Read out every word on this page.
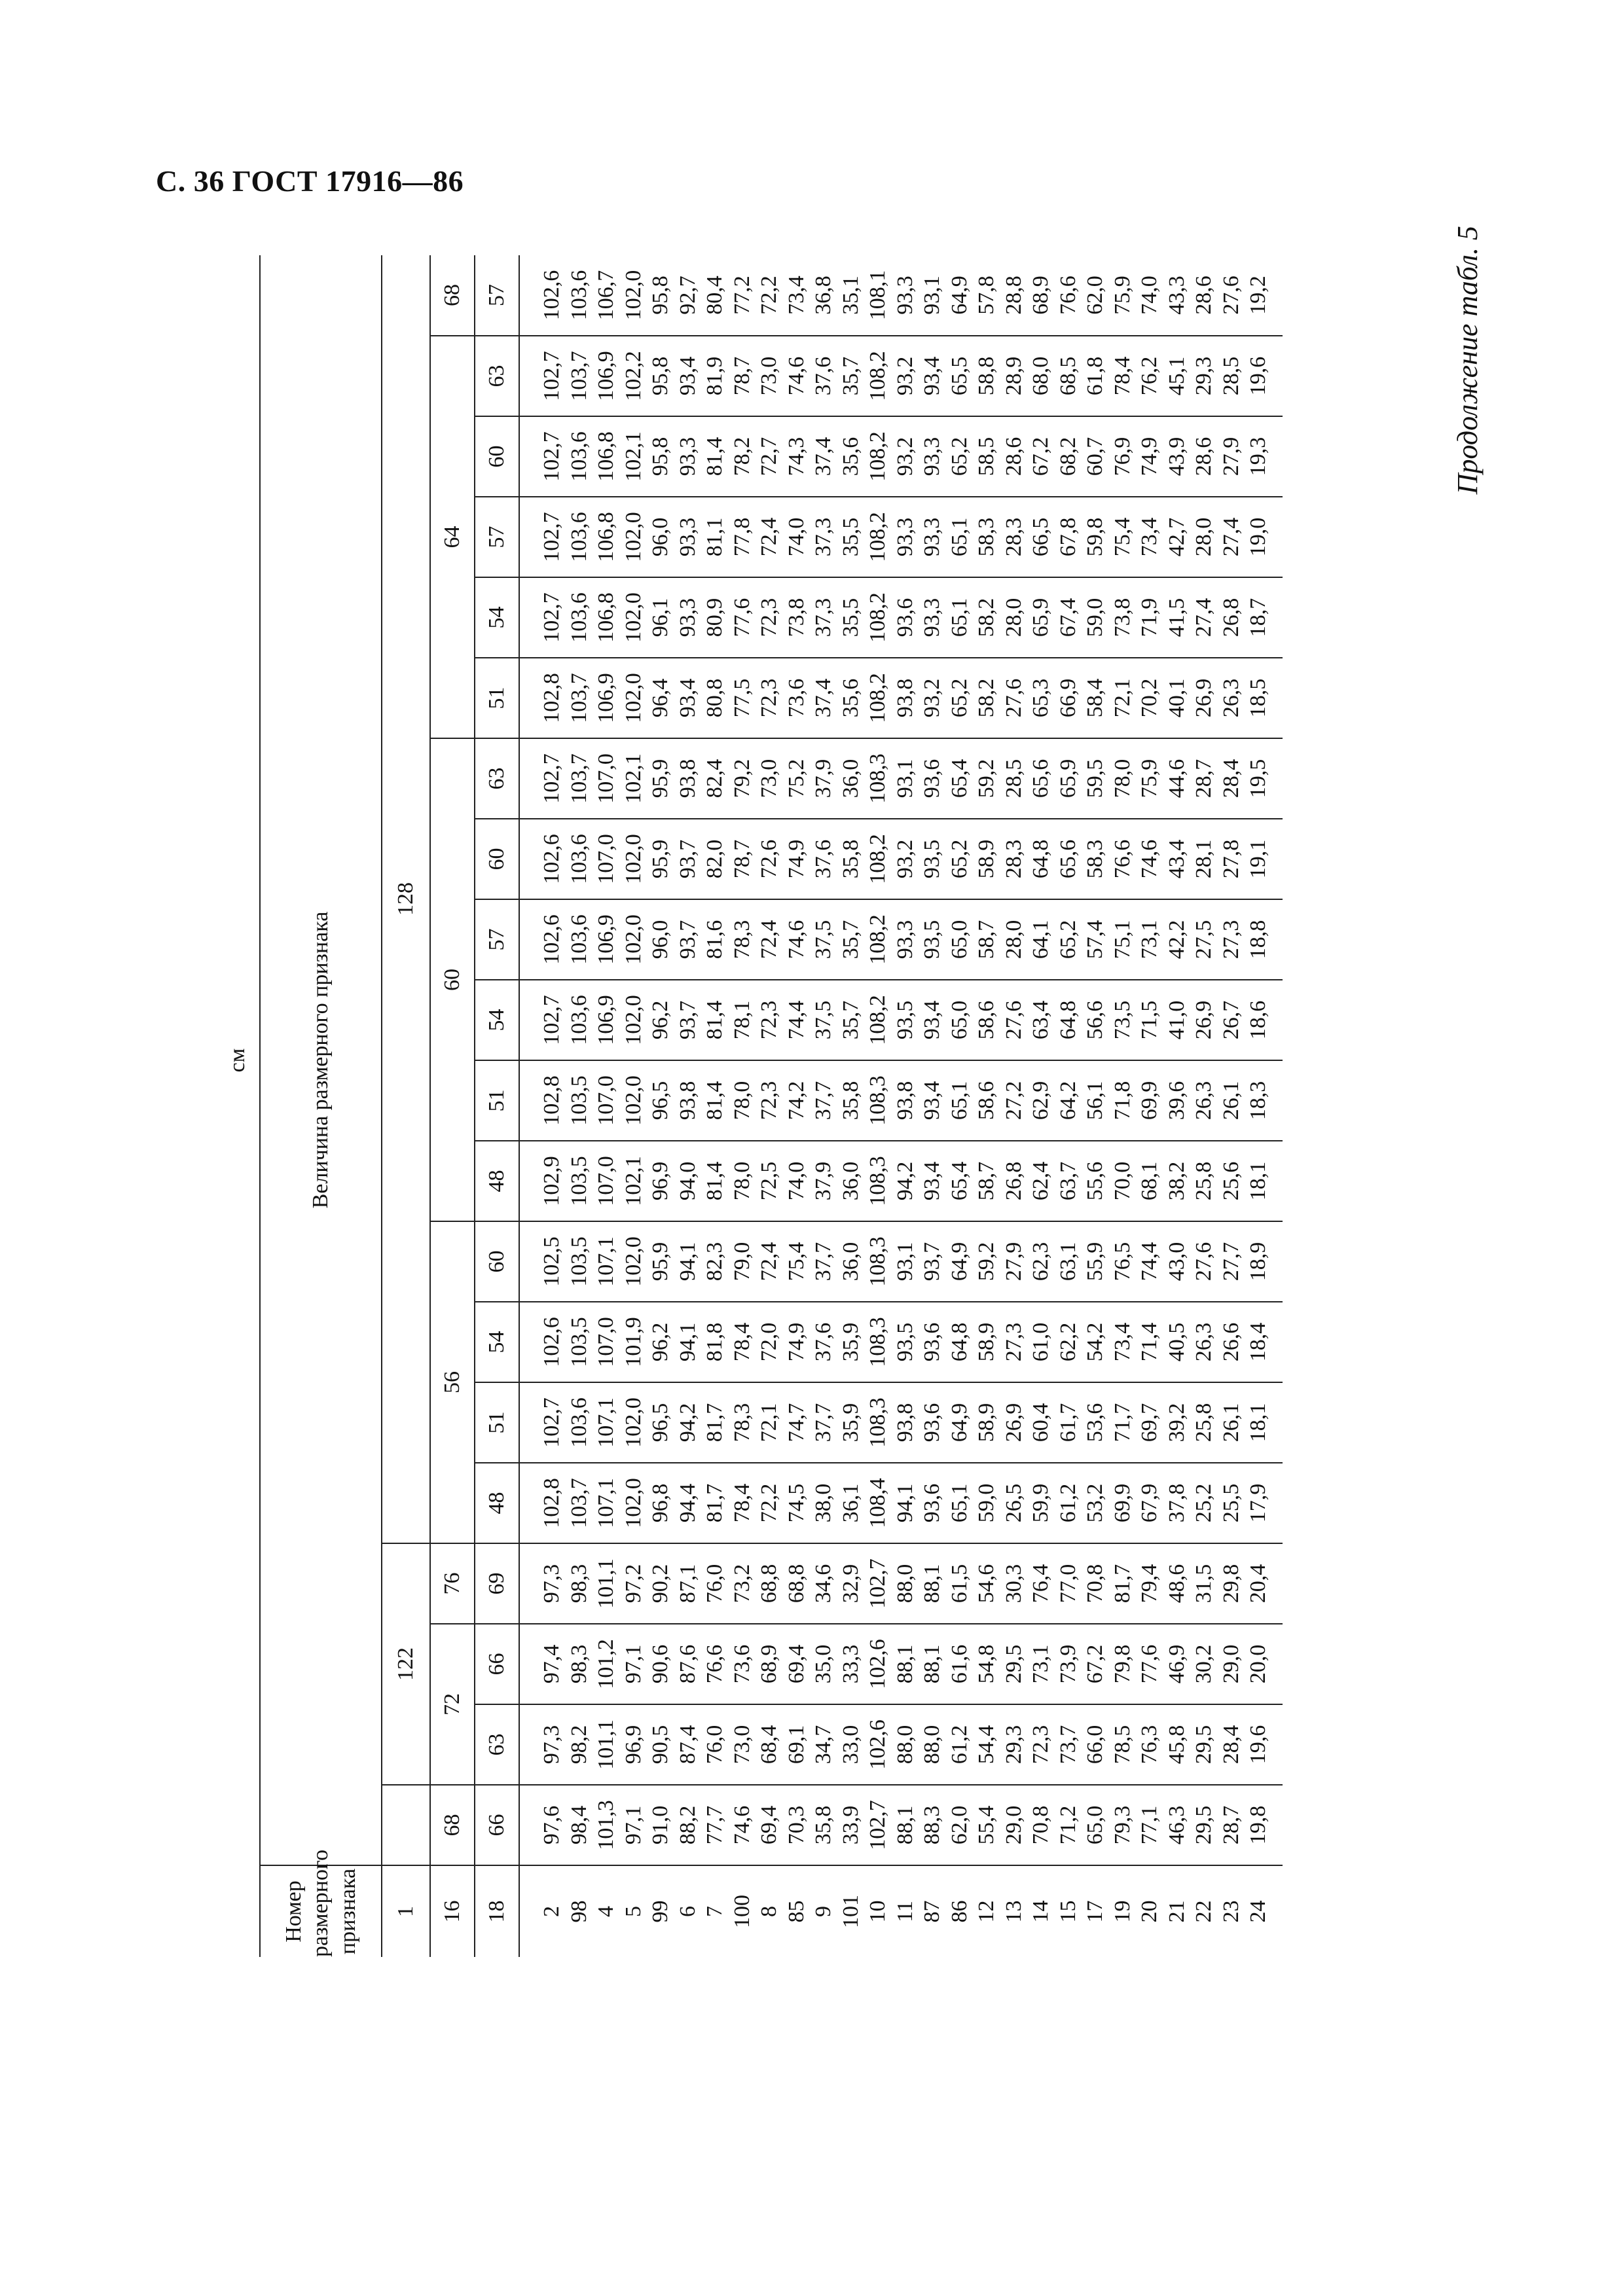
С. 36 ГОСТ 17916—86
Продолжение табл. 5
	см																			
Номер размерного признака	Величина размерного признака																			
1		122			128															
16	68	72		76	56				60						64					68
18	66	63	66	69	48	51	54	60	48	51	54	57	60	63	51	54	57	60	63	57

2	97,6	97,3	97,4	97,3	102,8	102,7	102,6	102,5	102,9	102,8	102,7	102,6	102,6	102,7	102,8	102,7	102,7	102,7	102,7	102,6
98	98,4	98,2	98,3	98,3	103,7	103,6	103,5	103,5	103,5	103,5	103,6	103,6	103,6	103,7	103,7	103,6	103,6	103,6	103,7	103,6
4	101,3	101,1	101,2	101,1	107,1	107,1	107,0	107,1	107,0	107,0	106,9	106,9	107,0	107,0	106,9	106,8	106,8	106,8	106,9	106,7
5	97,1	96,9	97,1	97,2	102,0	102,0	101,9	102,0	102,1	102,0	102,0	102,0	102,0	102,1	102,0	102,0	102,0	102,1	102,2	102,0
99	91,0	90,5	90,6	90,2	96,8	96,5	96,2	95,9	96,9	96,5	96,2	96,0	95,9	95,9	96,4	96,1	96,0	95,8	95,8	95,8
6	88,2	87,4	87,6	87,1	94,4	94,2	94,1	94,1	94,0	93,8	93,7	93,7	93,7	93,8	93,4	93,3	93,3	93,3	93,4	92,7
7	77,7	76,0	76,6	76,0	81,7	81,7	81,8	82,3	81,4	81,4	81,4	81,6	82,0	82,4	80,8	80,9	81,1	81,4	81,9	80,4
100	74,6	73,0	73,6	73,2	78,4	78,3	78,4	79,0	78,0	78,0	78,1	78,3	78,7	79,2	77,5	77,6	77,8	78,2	78,7	77,2
8	69,4	68,4	68,9	68,8	72,2	72,1	72,0	72,4	72,5	72,3	72,3	72,4	72,6	73,0	72,3	72,3	72,4	72,7	73,0	72,2
85	70,3	69,1	69,4	68,8	74,5	74,7	74,9	75,4	74,0	74,2	74,4	74,6	74,9	75,2	73,6	73,8	74,0	74,3	74,6	73,4
9	35,8	34,7	35,0	34,6	38,0	37,7	37,6	37,7	37,9	37,7	37,5	37,5	37,6	37,9	37,4	37,3	37,3	37,4	37,6	36,8
101	33,9	33,0	33,3	32,9	36,1	35,9	35,9	36,0	36,0	35,8	35,7	35,7	35,8	36,0	35,6	35,5	35,5	35,6	35,7	35,1
10	102,7	102,6	102,6	102,7	108,4	108,3	108,3	108,3	108,3	108,3	108,2	108,2	108,2	108,3	108,2	108,2	108,2	108,2	108,2	108,1
11	88,1	88,0	88,1	88,0	94,1	93,8	93,5	93,1	94,2	93,8	93,5	93,3	93,2	93,1	93,8	93,6	93,3	93,2	93,2	93,3
87	88,3	88,0	88,1	88,1	93,6	93,6	93,6	93,7	93,4	93,4	93,4	93,5	93,5	93,6	93,2	93,3	93,3	93,3	93,4	93,1
86	62,0	61,2	61,6	61,5	65,1	64,9	64,8	64,9	65,4	65,1	65,0	65,0	65,2	65,4	65,2	65,1	65,1	65,2	65,5	64,9
12	55,4	54,4	54,8	54,6	59,0	58,9	58,9	59,2	58,7	58,6	58,6	58,7	58,9	59,2	58,2	58,2	58,3	58,5	58,8	57,8
13	29,0	29,3	29,5	30,3	26,5	26,9	27,3	27,9	26,8	27,2	27,6	28,0	28,3	28,5	27,6	28,0	28,3	28,6	28,9	28,8
14	70,8	72,3	73,1	76,4	59,9	60,4	61,0	62,3	62,4	62,9	63,4	64,1	64,8	65,6	65,3	65,9	66,5	67,2	68,0	68,9
15	71,2	73,7	73,9	77,0	61,2	61,7	62,2	63,1	63,7	64,2	64,8	65,2	65,6	65,9	66,9	67,4	67,8	68,2	68,5	76,6
17	65,0	66,0	67,2	70,8	53,2	53,6	54,2	55,9	55,6	56,1	56,6	57,4	58,3	59,5	58,4	59,0	59,8	60,7	61,8	62,0
19	79,3	78,5	79,8	81,7	69,9	71,7	73,4	76,5	70,0	71,8	73,5	75,1	76,6	78,0	72,1	73,8	75,4	76,9	78,4	75,9
20	77,1	76,3	77,6	79,4	67,9	69,7	71,4	74,4	68,1	69,9	71,5	73,1	74,6	75,9	70,2	71,9	73,4	74,9	76,2	74,0
21	46,3	45,8	46,9	48,6	37,8	39,2	40,5	43,0	38,2	39,6	41,0	42,2	43,4	44,6	40,1	41,5	42,7	43,9	45,1	43,3
22	29,5	29,5	30,2	31,5	25,2	25,8	26,3	27,6	25,8	26,3	26,9	27,5	28,1	28,7	26,9	27,4	28,0	28,6	29,3	28,6
23	28,7	28,4	29,0	29,8	25,5	26,1	26,6	27,7	25,6	26,1	26,7	27,3	27,8	28,4	26,3	26,8	27,4	27,9	28,5	27,6
24	19,8	19,6	20,0	20,4	17,9	18,1	18,4	18,9	18,1	18,3	18,6	18,8	19,1	19,5	18,5	18,7	19,0	19,3	19,6	19,2
